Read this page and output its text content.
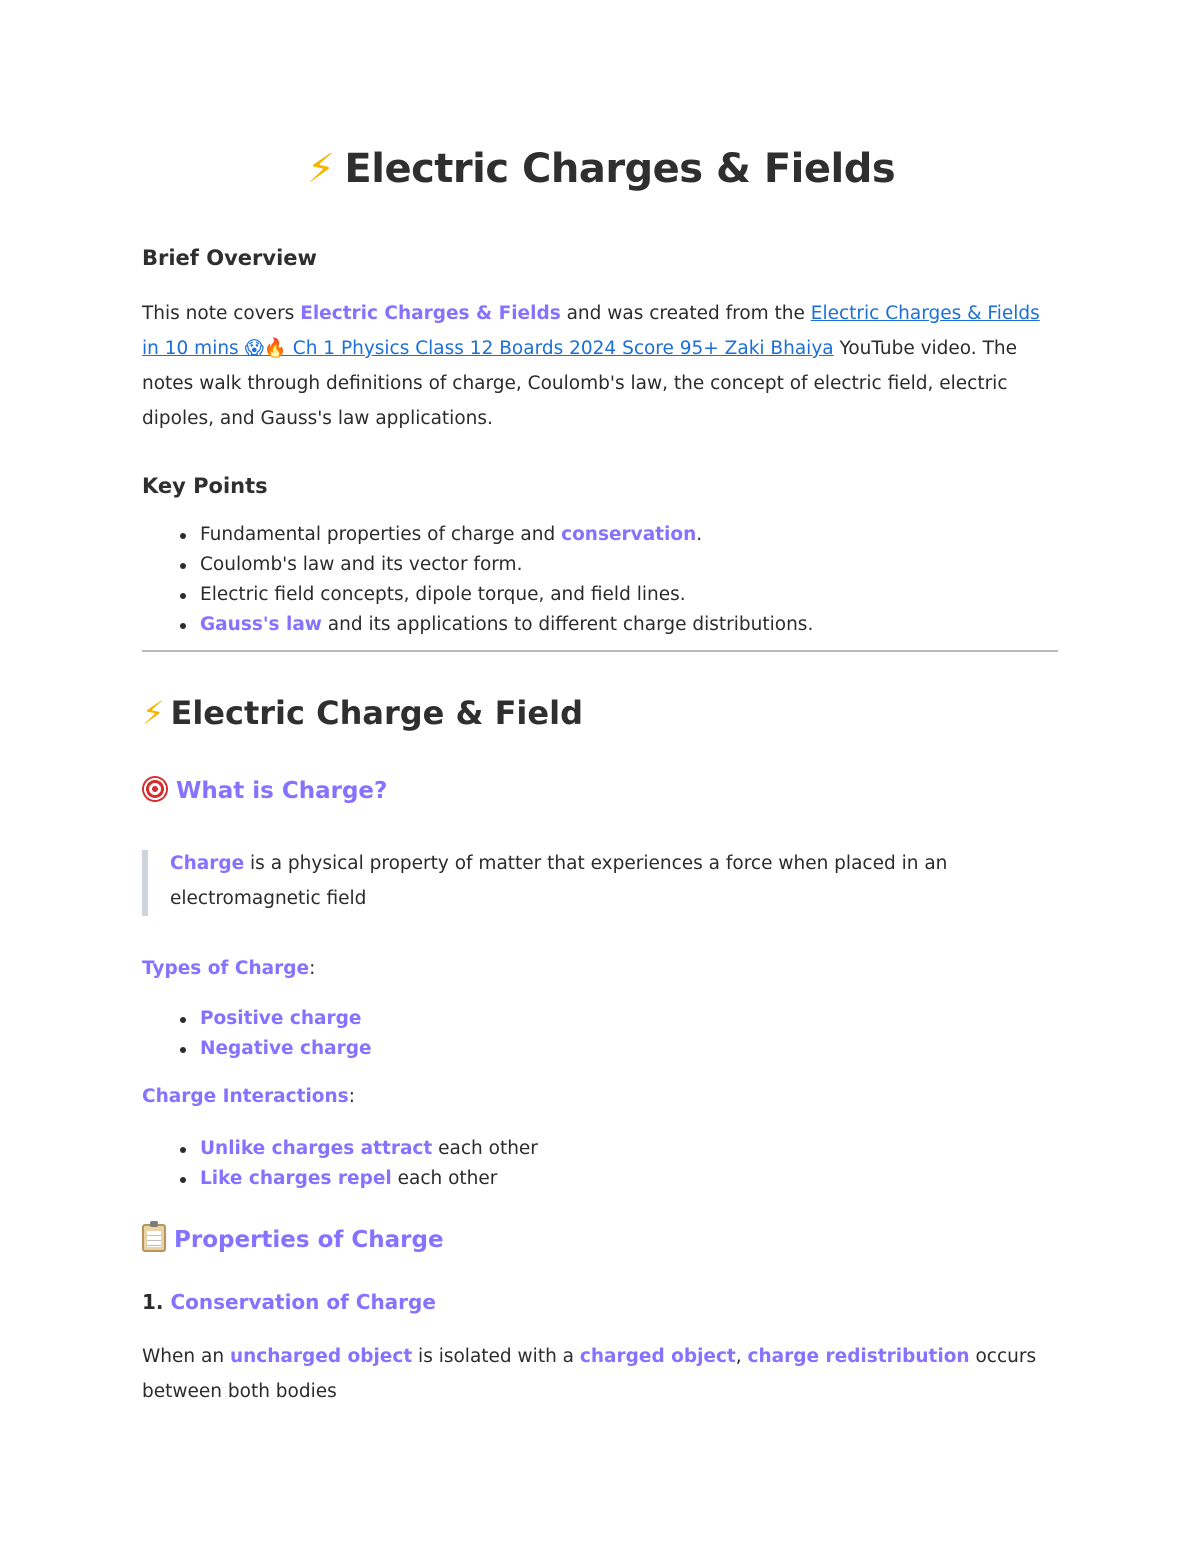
⚡ Electric Charges & Fields
Brief Overview

This note covers Electric Charges & Fields and was created from the Electric Charges & Fields in 10 mins 😱🔥 Ch 1 Physics Class 12 Boards 2024 Score 95+ Zaki Bhaiya YouTube video. The notes walk through definitions of charge, Coulomb's law, the concept of electric field, electric dipoles, and Gauss's law applications.

Key Points
Fundamental properties of charge and conservation.
Coulomb's law and its vector form.
Electric field concepts, dipole torque, and field lines.
Gauss's law and its applications to different charge distributions.
⚡ Electric Charge & Field
What is Charge?
Charge is a physical property of matter that experiences a force when placed in an electromagnetic field
Types of Charge:
Positive charge
Negative charge
Charge Interactions:
Unlike charges attract each other
Like charges repel each other
Properties of Charge
1. Conservation of Charge

When an uncharged object is isolated with a charged object, charge redistribution occurs between both bodies
